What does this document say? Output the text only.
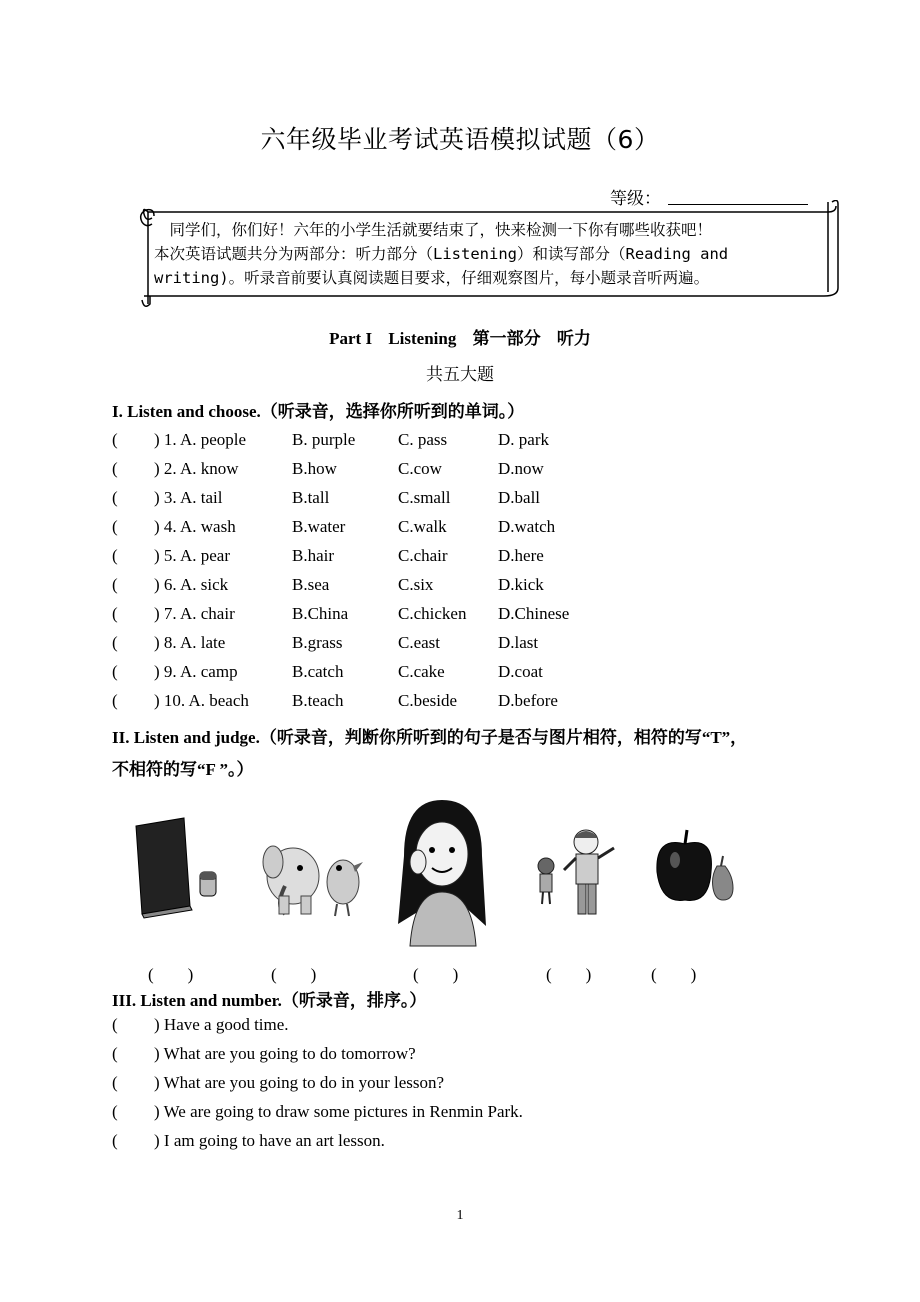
六年级毕业考试英语模拟试题（6）
等级：
　同学们，你们好！六年的小学生活就要结束了，快来检测一下你有哪些收获吧！
本次英语试题共分为两部分：听力部分（Listening）和读写部分（Reading and
writing)。听录音前要认真阅读题目要求，仔细观察图片，每小题录音听两遍。
Part I Listening 第一部分 听力
共五大题
I. Listen and choose.（听录音，选择你所听到的单词。）
( ) 1. A. people	B. purple	C. pass	D. park
( ) 2. A. know	B.how	C.cow	D.now
( ) 3. A. tail	B.tall	C.small	D.ball
( ) 4. A. wash	B.water	C.walk	D.watch
( ) 5. A. pear	B.hair	C.chair	D.here
( ) 6. A. sick	B.sea	C.six	D.kick
( ) 7. A. chair	B.China	C.chicken D.Chinese
( ) 8. A. late	B.grass	C.east	D.last
( ) 9. A. camp	B.catch	C.cake	D.coat
( ) 10. A. beach	B.teach	C.beside D.before
II. Listen and judge.（听录音，判断你所听到的句子是否与图片相符，相符的写“T”，
不相符的写“F ”。）
(　　)	(　　)	(　　)	(　　)	(　　)
III. Listen and number.（听录音，排序。）
( ) Have a good time.
( ) What are you going to do tomorrow?
( ) What are you going to do in your lesson?
( ) We are going to draw some pictures in Renmin Park.
( ) I am going to have an art lesson.
1
